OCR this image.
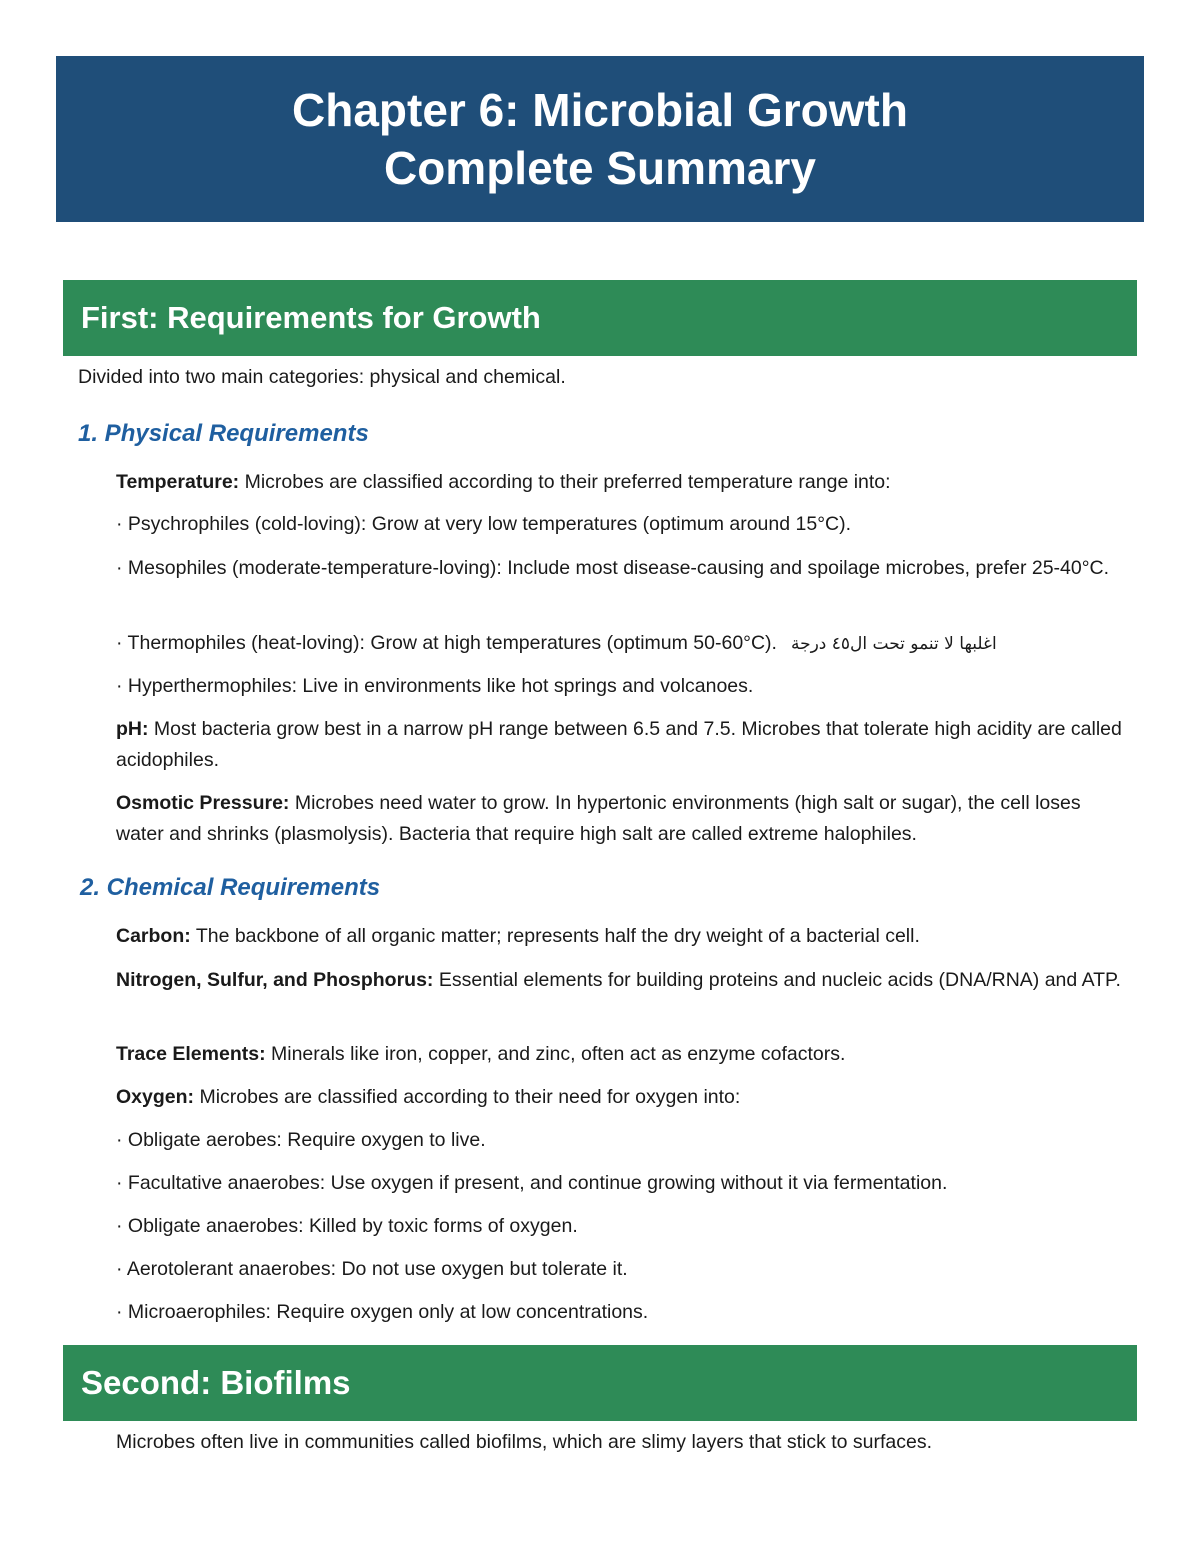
Chapter 6: Microbial Growth
Complete Summary
First: Requirements for Growth
Divided into two main categories: physical and chemical.
1. Physical Requirements
Temperature: Microbes are classified according to their preferred temperature range into:
· Psychrophiles (cold-loving): Grow at very low temperatures (optimum around 15°C).
· Mesophiles (moderate-temperature-loving): Include most disease-causing and spoilage microbes, prefer 25-40°C.
· Thermophiles (heat-loving): Grow at high temperatures (optimum 50-60°C). اغلبها لا تنمو تحت ال٤٥ درجة
· Hyperthermophiles: Live in environments like hot springs and volcanoes.
pH: Most bacteria grow best in a narrow pH range between 6.5 and 7.5. Microbes that tolerate high acidity are called acidophiles.
Osmotic Pressure: Microbes need water to grow. In hypertonic environments (high salt or sugar), the cell loses water and shrinks (plasmolysis). Bacteria that require high salt are called extreme halophiles.
2. Chemical Requirements
Carbon: The backbone of all organic matter; represents half the dry weight of a bacterial cell.
Nitrogen, Sulfur, and Phosphorus: Essential elements for building proteins and nucleic acids (DNA/RNA) and ATP.
Trace Elements: Minerals like iron, copper, and zinc, often act as enzyme cofactors.
Oxygen: Microbes are classified according to their need for oxygen into:
· Obligate aerobes: Require oxygen to live.
· Facultative anaerobes: Use oxygen if present, and continue growing without it via fermentation.
· Obligate anaerobes: Killed by toxic forms of oxygen.
· Aerotolerant anaerobes: Do not use oxygen but tolerate it.
· Microaerophiles: Require oxygen only at low concentrations.
Second: Biofilms
Microbes often live in communities called biofilms, which are slimy layers that stick to surfaces.
